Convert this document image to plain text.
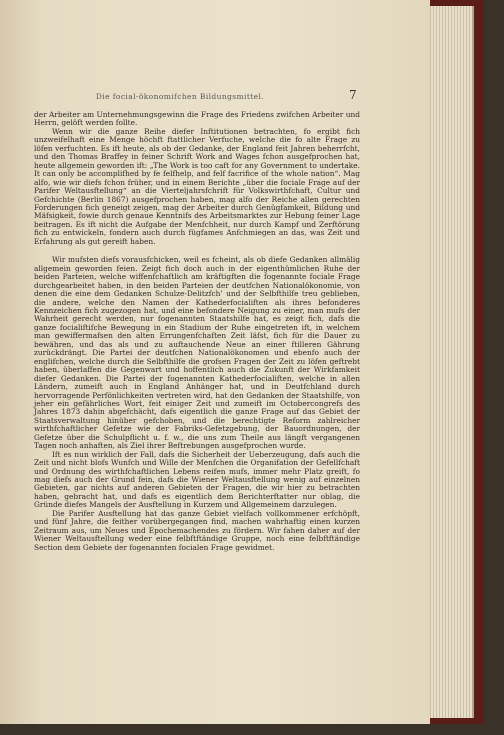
Die focial-ökonomifchen Bildungsmittel.	7

der Arbeiter am Unternehmungsgewinn die Frage des Friedens zwifchen Arbeiter und Herrn, gelöft werden follte.

Wenn wir die ganze Reihe diefer Inftitutionen betrachten, fo ergibt fich unzweifelhaft eine Menge höchft ftattlicher Verfuche, welche die fo alte Frage zu löfen verfuchten. Es ift heute, als ob der Gedanke, der England feit Jahren beherrfcht, und den Thomas Braffey in feiner Schrift Work and Wages fchon ausgefprochen hat, heute allgemein geworden ift: „The Work is too caft for any Government to undertake. It can only be accomplifhed by fe felfhelp, and felf facrifice of the whole nation“. Mag alfo, wie wir diefs fchon früher, und in einem Berichte „über die fociale Frage auf der Parifer Weltausftellung“ an die Vierteljahrsfchrift für Volkswirthfchaft, Cultur und Gefchichte (Berlin 1867) ausgefprochen haben, mag alfo der Reiche allen gerechten Forderungen fich geneigt zeigen, mag der Arbeiter durch Genügfamkeit, Bildung und Mäfsigkeit, fowie durch genaue Kenntnifs des Arbeitsmarktes zur Hebung feiner Lage beitragen. Es ift nicht die Aufgabe der Menfchheit, nur durch Kampf und Zerftörung fich zu entwickeln, fondern auch durch fügfames Anfchmiegen an das, was Zeit und Erfahrung als gut gereift haben.

Wir mufsten diefs vorausfchicken, weil es fcheint, als ob diefe Gedanken allmälig allgemein geworden feien. Zeigt fich doch auch in der eigenthümlichen Ruhe der beiden Parteien, welche wiffenfchaftlich am kräftigften die fogenannte fociale Frage durchgearbeitet haben, in den beiden Parteien der deutfchen Nationalökonomie, von denen die eine dem Gedanken Schulze-Delitzfch’ und der Selbfthilfe treu geblieben, die andere, welche den Namen der Kathederfocialiften als ihres befonderes Kennzeichen fich zugezogen hat, und eine befondere Neigung zu einer, man mufs der Wahrheit gerecht werden, nur fogenannten Staatshilfe hat, es zeigt fich, dafs die ganze focialiftifche Bewegung in ein Stadium der Ruhe eingetreten ift, in welchem man gewiffermafsen den alten Errungenfchaften Zeit läfst, fich für die Dauer zu bewähren, und das als und zu auftauchende Neue an einer ftilleren Gährung zurückdrängt. Die Partei der deutfchen Nationalökonomen und ebenfo auch der englifchen, welche durch die Selbfthilfe die grofsen Fragen der Zeit zu löfen geftrebt haben, überlaffen die Gegenwart und hoffentlich auch die Zukunft der Wirkfamkeit diefer Gedanken. Die Partei der fogenannten Kathederfocialiften, welche in allen Ländern, zumeift auch in England Anhänger hat, und in Deutfchland durch hervorragende Perfönlichkeiten vertreten wird, hat den Gedanken der Staatshilfe, von jeher ein gefährliches Wort, feit einiger Zeit und zumeift im Octobercongrefs des Jahres 1873 dahin abgefchächt, dafs eigentlich die ganze Frage auf das Gebiet der Staatsverwaltung hinüber gefchoben, und die berechtigte Reform zahlreicher wirthfchaftlicher Gefetze wie der Fabriks-Gefetzgebung, der Bauordnungen, der Gefetze über die Schulpflicht u. f. w., die uns zum Theile aus längft vergangenen Tagen noch anhaften, als Ziel ihrer Beftrebungen ausgefprochen wurde.

Ift es nun wirklich der Fall, dafs die Sicherheit der Ueberzeugung, dafs auch die Zeit und nicht blofs Wunfch und Wille der Menfchen die Organifation der Gefellfchaft und Ordnung des wirthfchaftlichen Lebens reifen mufs, immer mehr Platz greift, fo mag diefs auch der Grund fein, dafs die Wiener Weltausftellung wenig auf einzelnen Gebieten, gar nichts auf anderen Gebieten der Fragen, die wir hier zu betrachten haben, gebracht hat, und dafs es eigentlich dem Berichterftatter nur oblag, die Gründe diefes Mangels der Ausftellung in Kurzem und Allgemeinem darzulegen.

Die Parifer Ausftellung hat das ganze Gebiet vielfach vollkommener erfchöpft, und fünf Jahre, die feither vorübergegangen find, machen wahrhaftig einen kurzen Zeitraum aus, um Neues und Epochemachendes zu fördern. Wir fahen daher auf der Wiener Weltausftellung weder eine felbftftändige Gruppe, noch eine felbftftändige Section dem Gebiete der fogenannten focialen Frage gewidmet.
